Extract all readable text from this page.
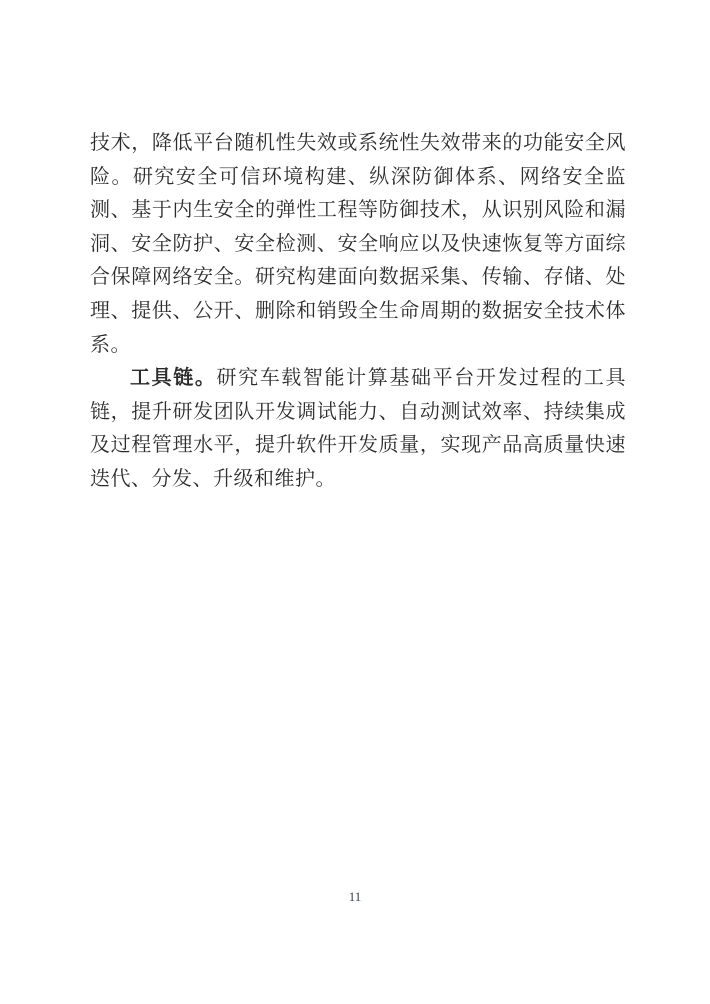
技术，降低平台随机性失效或系统性失效带来的功能安全风险。研究安全可信环境构建、纵深防御体系、网络安全监测、基于内生安全的弹性工程等防御技术，从识别风险和漏洞、安全防护、安全检测、安全响应以及快速恢复等方面综合保障网络安全。研究构建面向数据采集、传输、存储、处理、提供、公开、删除和销毁全生命周期的数据安全技术体系。

工具链。研究车载智能计算基础平台开发过程的工具链，提升研发团队开发调试能力、自动测试效率、持续集成及过程管理水平，提升软件开发质量，实现产品高质量快速迭代、分发、升级和维护。

11
